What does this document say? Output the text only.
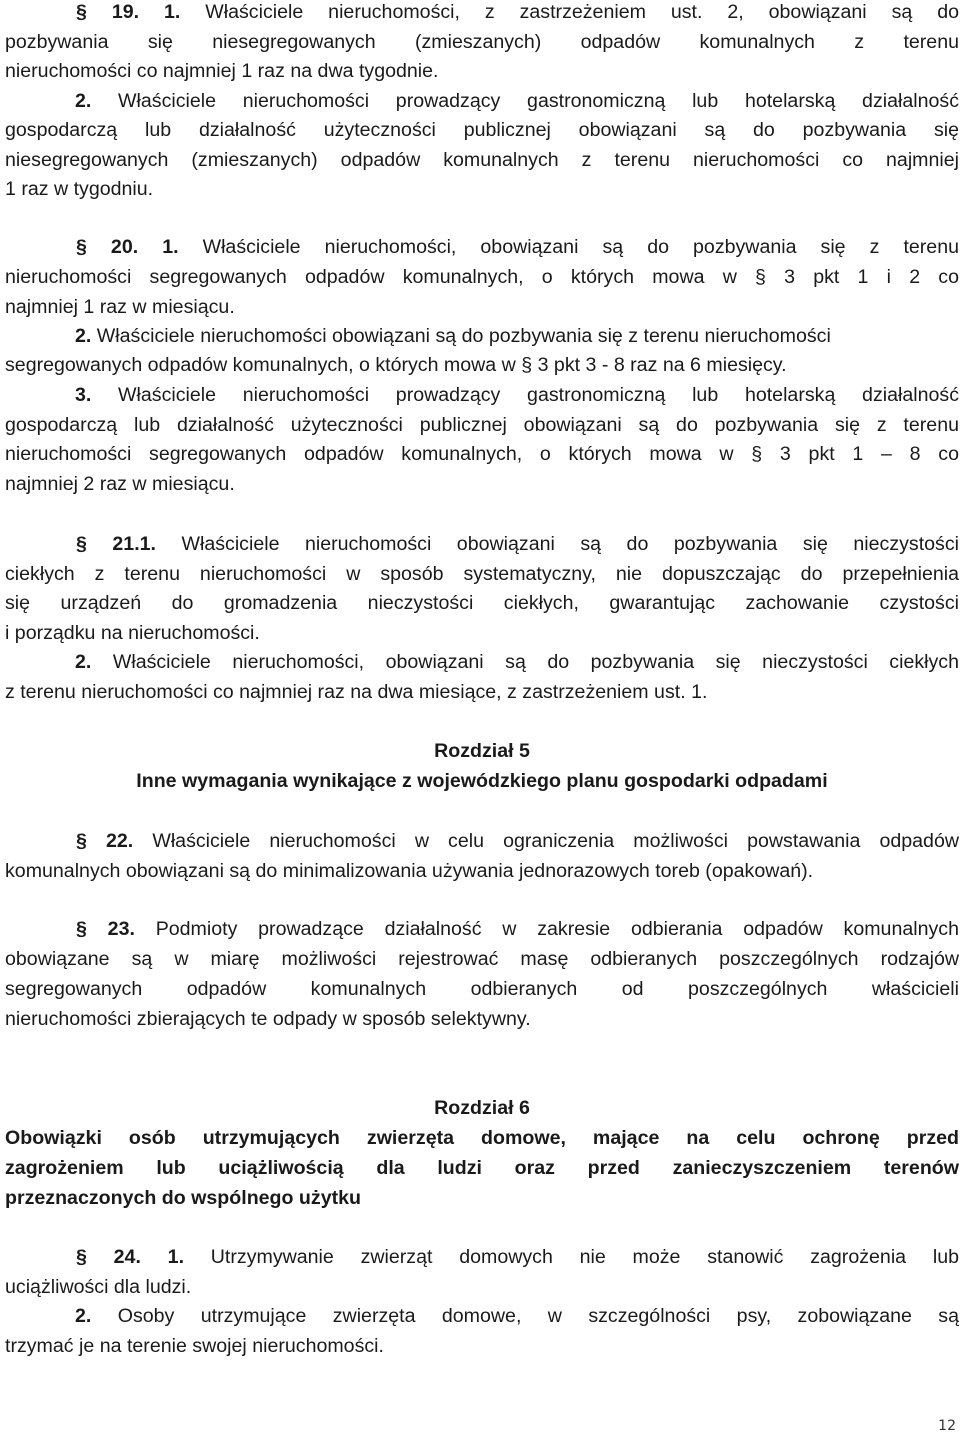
§ 19. 1. Właściciele nieruchomości, z zastrzeżeniem ust. 2, obowiązani są do
pozbywania się niesegregowanych (zmieszanych) odpadów komunalnych z terenu
nieruchomości co najmniej 1 raz na dwa tygodnie.
2. Właściciele nieruchomości prowadzący gastronomiczną lub hotelarską działalność
gospodarczą lub działalność użyteczności publicznej obowiązani są do pozbywania się
niesegregowanych (zmieszanych) odpadów komunalnych z terenu nieruchomości co najmniej
1 raz w tygodniu.
§ 20. 1. Właściciele nieruchomości, obowiązani są do pozbywania się z terenu
nieruchomości segregowanych odpadów komunalnych, o których mowa w § 3 pkt 1 i 2 co
najmniej 1 raz w miesiącu.
2. Właściciele nieruchomości obowiązani są do pozbywania się z terenu nieruchomości
segregowanych odpadów komunalnych, o których mowa w § 3 pkt 3 - 8 raz na 6 miesięcy.
3. Właściciele nieruchomości prowadzący gastronomiczną lub hotelarską działalność
gospodarczą lub działalność użyteczności publicznej obowiązani są do pozbywania się z terenu
nieruchomości segregowanych odpadów komunalnych, o których mowa w § 3 pkt 1 – 8 co
najmniej 2 raz w miesiącu.
§ 21.1. Właściciele nieruchomości obowiązani są do pozbywania się nieczystości
ciekłych z terenu nieruchomości w sposób systematyczny, nie dopuszczając do przepełnienia
się urządzeń do gromadzenia nieczystości ciekłych, gwarantując zachowanie czystości
i porządku na nieruchomości.
2. Właściciele nieruchomości, obowiązani są do pozbywania się nieczystości ciekłych
z terenu nieruchomości co najmniej raz na dwa miesiące, z zastrzeżeniem ust. 1.
Rozdział 5
Inne wymagania wynikające z wojewódzkiego planu gospodarki odpadami
§ 22. Właściciele nieruchomości w celu ograniczenia możliwości powstawania odpadów
komunalnych obowiązani są do minimalizowania używania jednorazowych toreb (opakowań).
§ 23. Podmioty prowadzące działalność w zakresie odbierania odpadów komunalnych
obowiązane są w miarę możliwości rejestrować masę odbieranych poszczególnych rodzajów
segregowanych odpadów komunalnych odbieranych od poszczególnych właścicieli
nieruchomości zbierających te odpady w sposób selektywny.
Rozdział 6
Obowiązki osób utrzymujących zwierzęta domowe, mające na celu ochronę przed
zagrożeniem lub uciążliwością dla ludzi oraz przed zanieczyszczeniem terenów
przeznaczonych do wspólnego użytku
§ 24. 1. Utrzymywanie zwierząt domowych nie może stanowić zagrożenia lub
uciążliwości dla ludzi.
2. Osoby utrzymujące zwierzęta domowe, w szczególności psy, zobowiązane są
trzymać je na terenie swojej nieruchomości.
12
